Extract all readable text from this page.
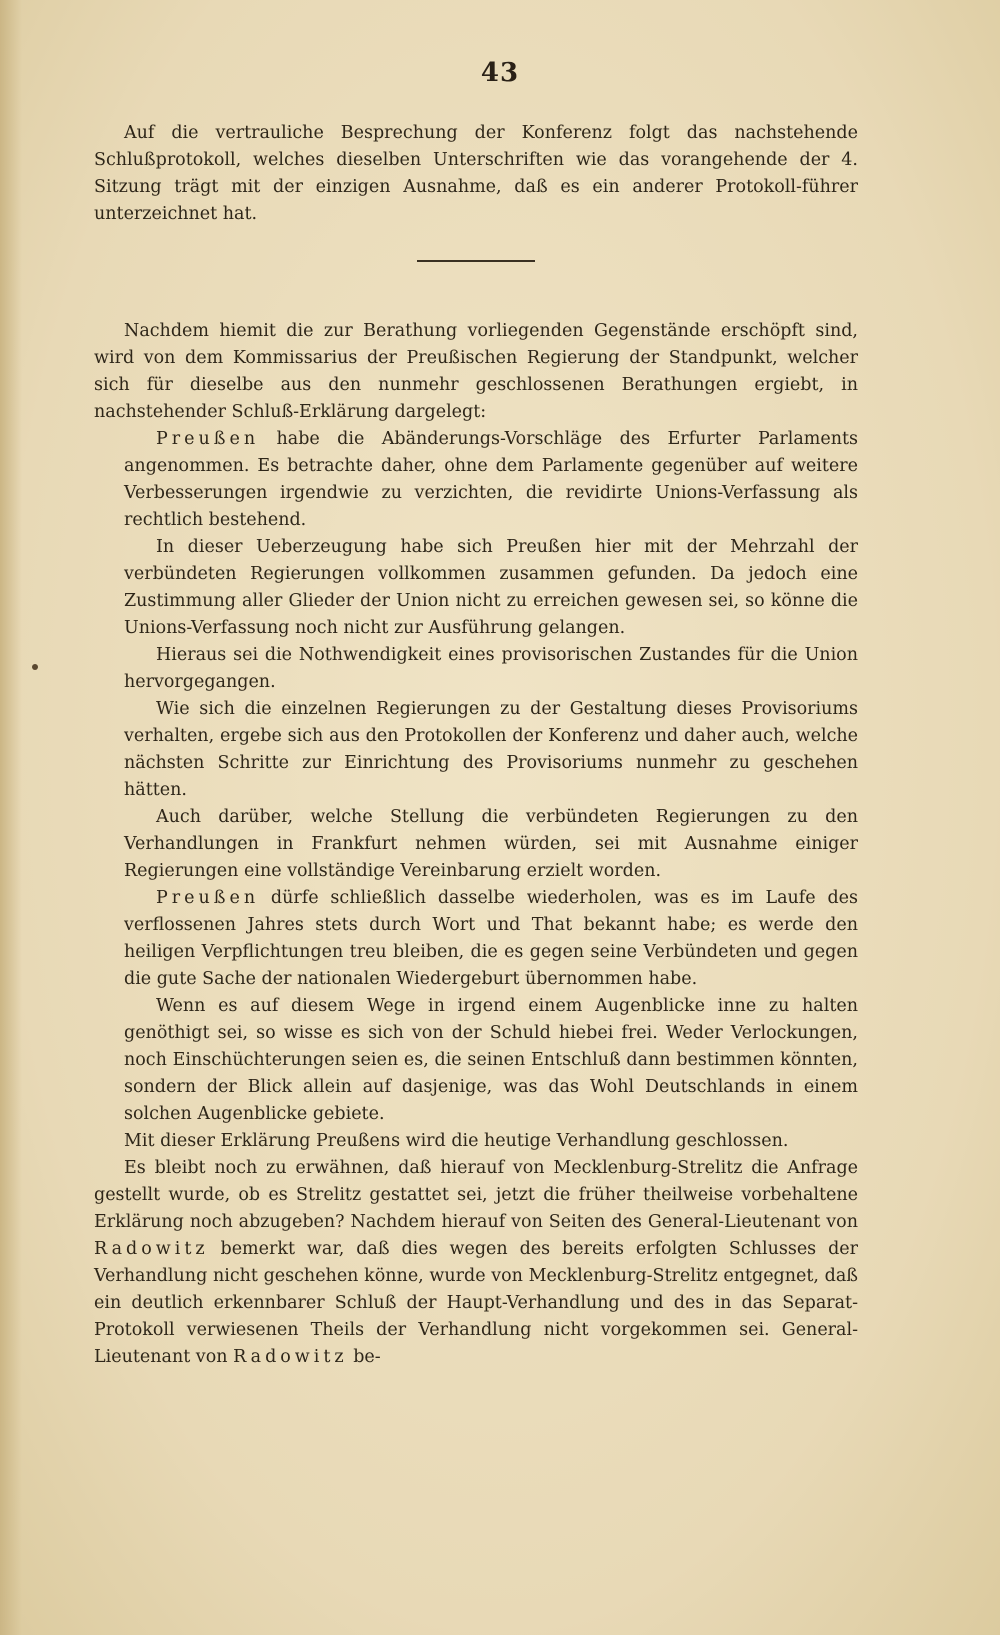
43

Auf die vertrauliche Besprechung der Konferenz folgt das nachstehende Schlußprotokoll, welches dieselben Unterschriften wie das vorangehende der 4. Sitzung trägt mit der einzigen Ausnahme, daß es ein anderer Protokoll-führer unterzeichnet hat.

Nachdem hiemit die zur Berathung vorliegenden Gegenstände erschöpft sind, wird von dem Kommissarius der Preußischen Regierung der Standpunkt, welcher sich für dieselbe aus den nunmehr geschlossenen Berathungen ergiebt, in nachstehender Schluß-Erklärung dargelegt:

Preußen habe die Abänderungs-Vorschläge des Erfurter Parlaments angenommen. Es betrachte daher, ohne dem Parlamente gegenüber auf weitere Verbesserungen irgendwie zu verzichten, die revidirte Unions-Verfassung als rechtlich bestehend.

In dieser Ueberzeugung habe sich Preußen hier mit der Mehrzahl der verbündeten Regierungen vollkommen zusammen gefunden. Da jedoch eine Zustimmung aller Glieder der Union nicht zu erreichen gewesen sei, so könne die Unions-Verfassung noch nicht zur Ausführung gelangen.

Hieraus sei die Nothwendigkeit eines provisorischen Zustandes für die Union hervorgegangen.

Wie sich die einzelnen Regierungen zu der Gestaltung dieses Provisoriums verhalten, ergebe sich aus den Protokollen der Konferenz und daher auch, welche nächsten Schritte zur Einrichtung des Provisoriums nunmehr zu geschehen hätten.

Auch darüber, welche Stellung die verbündeten Regierungen zu den Verhandlungen in Frankfurt nehmen würden, sei mit Ausnahme einiger Regierungen eine vollständige Vereinbarung erzielt worden.

Preußen dürfe schließlich dasselbe wiederholen, was es im Laufe des verflossenen Jahres stets durch Wort und That bekannt habe; es werde den heiligen Verpflichtungen treu bleiben, die es gegen seine Verbündeten und gegen die gute Sache der nationalen Wiedergeburt übernommen habe.

Wenn es auf diesem Wege in irgend einem Augenblicke inne zu halten genöthigt sei, so wisse es sich von der Schuld hiebei frei. Weder Verlockungen, noch Einschüchterungen seien es, die seinen Entschluß dann bestimmen könnten, sondern der Blick allein auf dasjenige, was das Wohl Deutschlands in einem solchen Augenblicke gebiete.

Mit dieser Erklärung Preußens wird die heutige Verhandlung geschlossen.

Es bleibt noch zu erwähnen, daß hierauf von Mecklenburg-Strelitz die Anfrage gestellt wurde, ob es Strelitz gestattet sei, jetzt die früher theilweise vorbehaltene Erklärung noch abzugeben? Nachdem hierauf von Seiten des General-Lieutenant von Radowitz bemerkt war, daß dies wegen des bereits erfolgten Schlusses der Verhandlung nicht geschehen könne, wurde von Mecklenburg-Strelitz entgegnet, daß ein deutlich erkennbarer Schluß der Haupt-Verhandlung und des in das Separat-Protokoll verwiesenen Theils der Verhandlung nicht vorgekommen sei. General-Lieutenant von Radowitz be-
